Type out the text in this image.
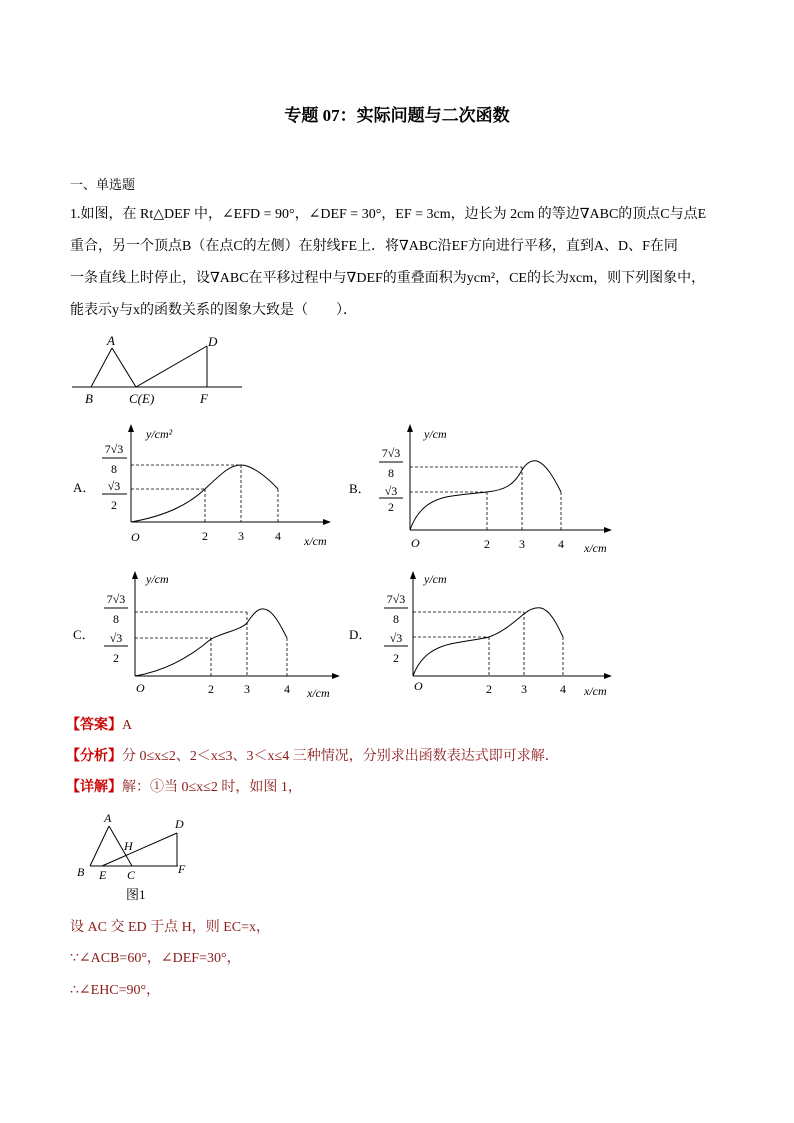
专题 07：实际问题与二次函数
一、单选题
1.如图，在 Rt△DEF 中，∠EFD = 90°，∠DEF = 30°，EF = 3cm，边长为 2cm 的等边∇ABC的顶点C与点E
重合，另一个顶点B（在点C的左侧）在射线FE上．将∇ABC沿EF方向进行平移，直到A、D、F在同
一条直线上时停止，设∇ABC在平移过程中与∇DEF的重叠面积为ycm²，CE的长为xcm，则下列图象中，
能表示y与x的函数关系的图象大致是（　　）．
A	D
B	C(E)	F
A．	B．
C．	D．
y/cm²
O	2	3	4 x/cm
7√3
8
√3
2
y/cm
O	2 3	4 x/cm
7√3
8
√3
2
y/cm
O	2	3	4 x/cm
7√3
8
√3
2
y/cm
O	2 3	4 x/cm
7√3
8
√3
2
【答案】A
【分析】分 0≤x≤2、2＜x≤3、3＜x≤4 三种情况，分别求出函数表达式即可求解．
【详解】解：①当 0≤x≤2 时，如图 1，
A
H
D
B E C	F
图1
设 AC 交 ED 于点 H，则 EC=x，
∵∠ACB=60°，∠DEF=30°，
∴∠EHC=90°，
